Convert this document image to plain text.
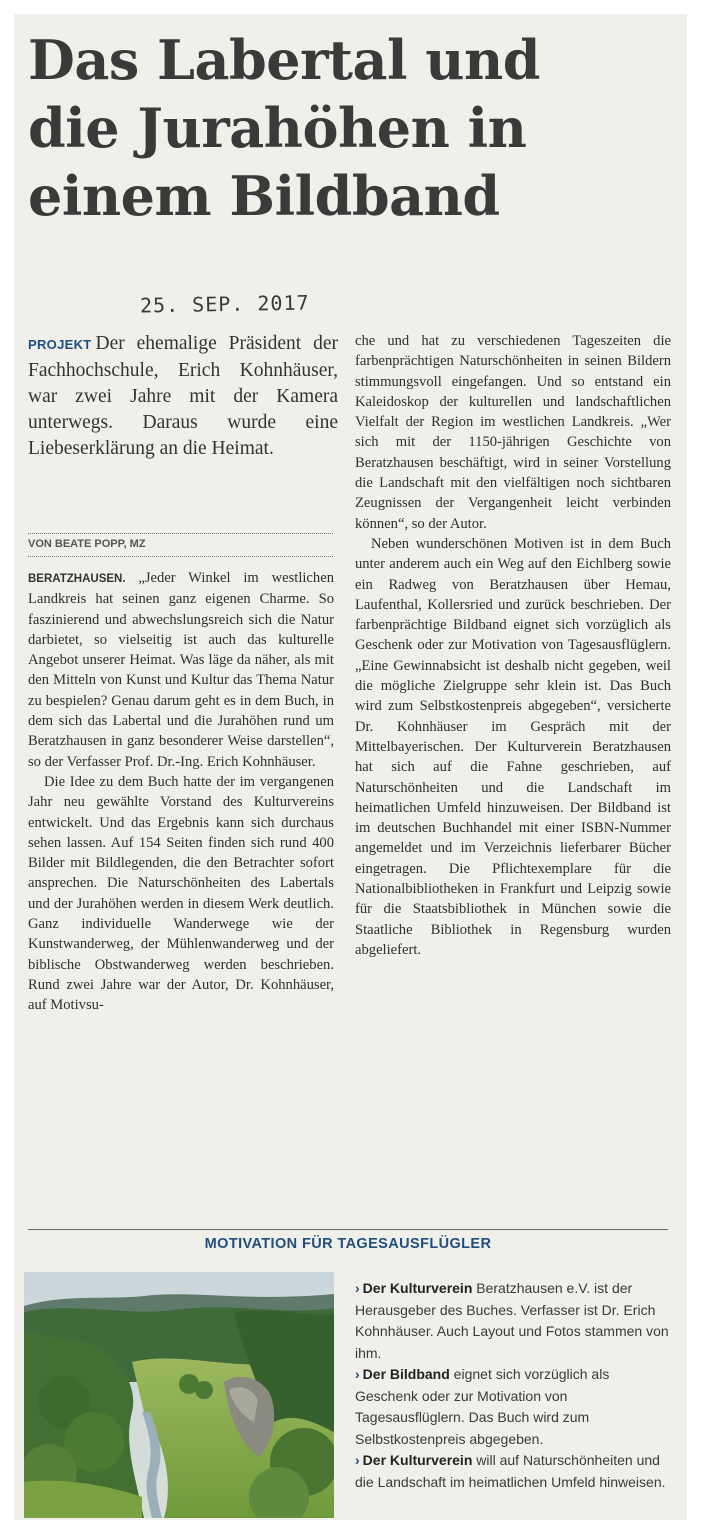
Das Labertal und
die Jurahöhen in
einem Bildband
25. SEP. 2017
PROJEKT Der ehemalige Präsident der Fachhochschule, Erich Kohnhäuser, war zwei Jahre mit der Kamera unterwegs. Daraus wurde eine Liebeserklärung an die Heimat.
VON BEATE POPP, MZ

BERATZHAUSEN. „Jeder Winkel im westlichen Landkreis hat seinen ganz eigenen Charme. So faszinierend und abwechslungsreich sich die Natur darbietet, so vielseitig ist auch das kulturelle Angebot unserer Heimat. Was läge da näher, als mit den Mitteln von Kunst und Kultur das Thema Natur zu bespielen? Genau darum geht es in dem Buch, in dem sich das Labertal und die Jurahöhen rund um Beratzhausen in ganz besonderer Weise darstellen“, so der Verfasser Prof. Dr.-Ing. Erich Kohnhäuser.

Die Idee zu dem Buch hatte der im vergangenen Jahr neu gewählte Vorstand des Kulturvereins entwickelt. Und das Ergebnis kann sich durchaus sehen lassen. Auf 154 Seiten finden sich rund 400 Bilder mit Bildlegenden, die den Betrachter sofort ansprechen. Die Naturschönheiten des Labertals und der Jurahöhen werden in diesem Werk deutlich. Ganz individuelle Wanderwege wie der Kunstwanderweg, der Mühlenwanderweg und der biblische Obstwanderweg werden beschrieben. Rund zwei Jahre war der Autor, Dr. Kohnhäuser, auf Motivsu-

che und hat zu verschiedenen Tageszeiten die farbenprächtigen Naturschönheiten in seinen Bildern stimmungsvoll eingefangen. Und so entstand ein Kaleidoskop der kulturellen und landschaftlichen Vielfalt der Region im westlichen Landkreis. „Wer sich mit der 1150-jährigen Geschichte von Beratzhausen beschäftigt, wird in seiner Vorstellung die Landschaft mit den vielfältigen noch sichtbaren Zeugnissen der Vergangenheit leicht verbinden können“, so der Autor.

Neben wunderschönen Motiven ist in dem Buch unter anderem auch ein Weg auf den Eichlberg sowie ein Radweg von Beratzhausen über Hemau, Laufenthal, Kollersried und zurück beschrieben. Der farbenprächtige Bildband eignet sich vorzüglich als Geschenk oder zur Motivation von Tagesausflüglern. „Eine Gewinnabsicht ist deshalb nicht gegeben, weil die mögliche Zielgruppe sehr klein ist. Das Buch wird zum Selbstkostenpreis abgegeben“, versicherte Dr. Kohnhäuser im Gespräch mit der Mittelbayerischen. Der Kulturverein Beratzhausen hat sich auf die Fahne geschrieben, auf Naturschönheiten und die Landschaft im heimatlichen Umfeld hinzuweisen. Der Bildband ist im deutschen Buchhandel mit einer ISBN-Nummer angemeldet und im Verzeichnis lieferbarer Bücher eingetragen. Die Pflichtexemplare für die Nationalbibliotheken in Frankfurt und Leipzig sowie für die Staatsbibliothek in München sowie die Staatliche Bibliothek in Regensburg wurden abgeliefert.

MOTIVATION FÜR TAGESAUSFLÜGLER

› Der Kulturverein Beratzhausen e.V. ist der Herausgeber des Buches. Verfasser ist Dr. Erich Kohnhäuser. Auch Layout und Fotos stammen von ihm.

› Der Bildband eignet sich vorzüglich als Geschenk oder zur Motivation von Tagesausflüglern. Das Buch wird zum Selbstkostenpreis abgegeben.

› Der Kulturverein will auf Naturschönheiten und die Landschaft im heimatlichen Umfeld hinweisen.
